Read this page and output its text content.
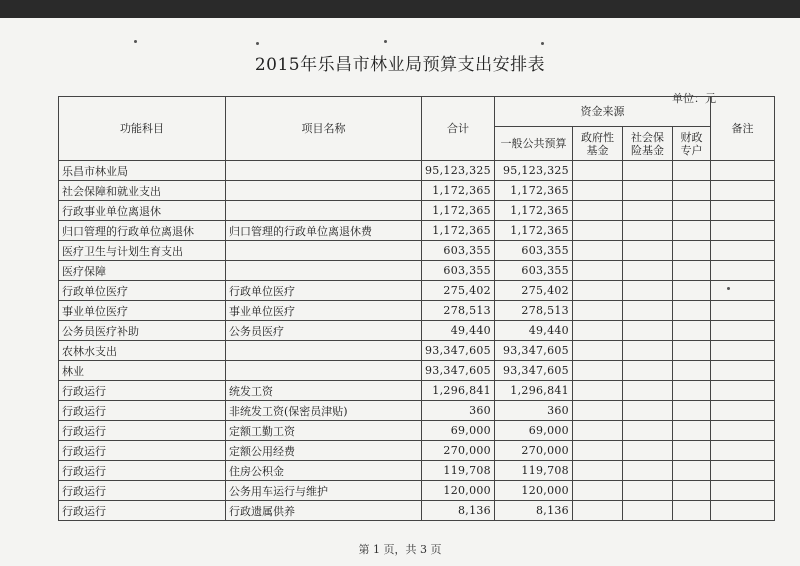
2015年乐昌市林业局预算支出安排表
单位：元
功能科目	项目名称	合计	资金来源				备注
			一般公共预算	政府性基金	社会保险基金	财政专户	
乐昌市林业局		95,123,325	95,123,325				
社会保障和就业支出		1,172,365	1,172,365				
行政事业单位离退休		1,172,365	1,172,365				
归口管理的行政单位离退休	归口管理的行政单位离退休费	1,172,365	1,172,365				
医疗卫生与计划生育支出		603,355	603,355				
医疗保障		603,355	603,355				
行政单位医疗	行政单位医疗	275,402	275,402				
事业单位医疗	事业单位医疗	278,513	278,513				
公务员医疗补助	公务员医疗	49,440	49,440				
农林水支出		93,347,605	93,347,605				
林业		93,347,605	93,347,605				
行政运行	统发工资	1,296,841	1,296,841				
行政运行	非统发工资(保密员津贴)	360	360				
行政运行	定额工勤工资	69,000	69,000				
行政运行	定额公用经费	270,000	270,000				
行政运行	住房公积金	119,708	119,708				
行政运行	公务用车运行与维护	120,000	120,000				
行政运行	行政遗属供养	8,136	8,136				
第 1 页，共 3 页
